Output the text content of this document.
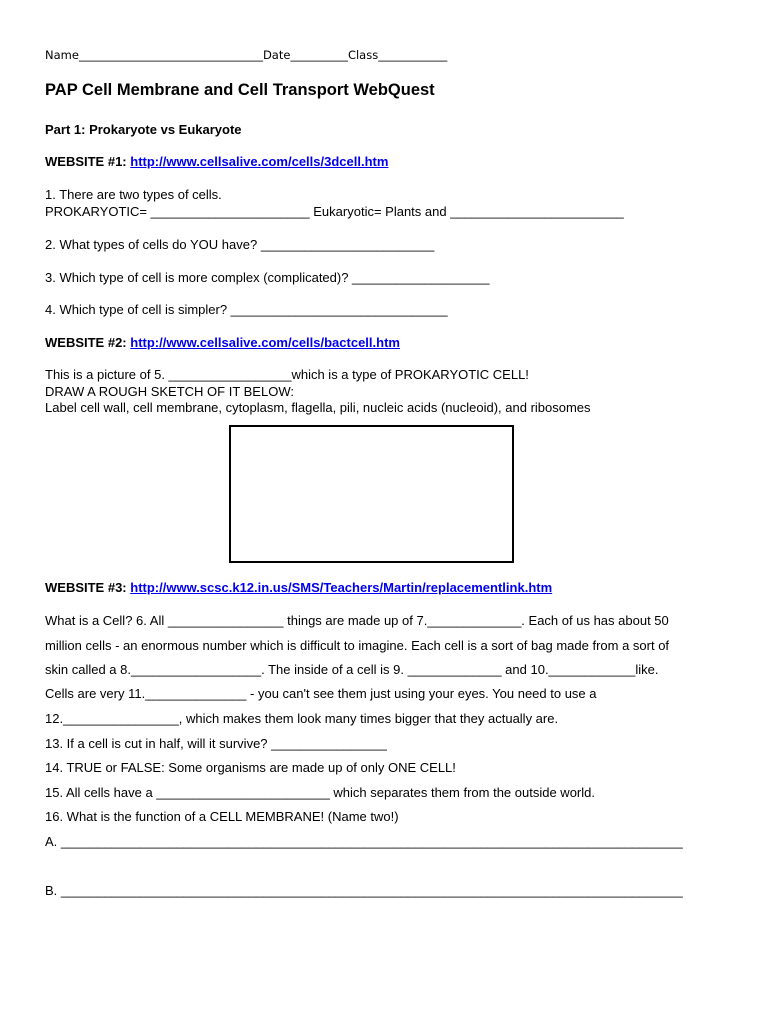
Name________________________________Date__________Class____________
PAP Cell Membrane and Cell Transport WebQuest
Part 1: Prokaryote vs Eukaryote
WEBSITE #1: http://www.cellsalive.com/cells/3dcell.htm
1. There are two types of cells.
PROKARYOTIC= ______________________ Eukaryotic= Plants and ________________________
2. What types of cells do YOU have? ________________________
3. Which type of cell is more complex (complicated)? ___________________
4. Which type of cell is simpler? ______________________________
WEBSITE #2: http://www.cellsalive.com/cells/bactcell.htm
This is a picture of 5. _________________which is a type of PROKARYOTIC CELL!
DRAW A ROUGH SKETCH OF IT BELOW:
Label cell wall, cell membrane, cytoplasm, flagella, pili, nucleic acids (nucleoid), and ribosomes
WEBSITE #3: http://www.scsc.k12.in.us/SMS/Teachers/Martin/replacementlink.htm
What is a Cell? 6. All ________________ things are made up of 7._____________. Each of us has about 50
million cells - an enormous number which is difficult to imagine. Each cell is a sort of bag made from a sort of
skin called a 8.__________________. The inside of a cell is 9. _____________ and 10.____________like.
Cells are very 11.______________ - you can't see them just using your eyes. You need to use a
12.________________, which makes them look many times bigger that they actually are.
13. If a cell is cut in half, will it survive? ________________
14. TRUE or FALSE: Some organisms are made up of only ONE CELL!
15. All cells have a ________________________ which separates them from the outside world.
16. What is the function of a CELL MEMBRANE! (Name two!)
A. ______________________________________________________________________________________
B. ______________________________________________________________________________________
